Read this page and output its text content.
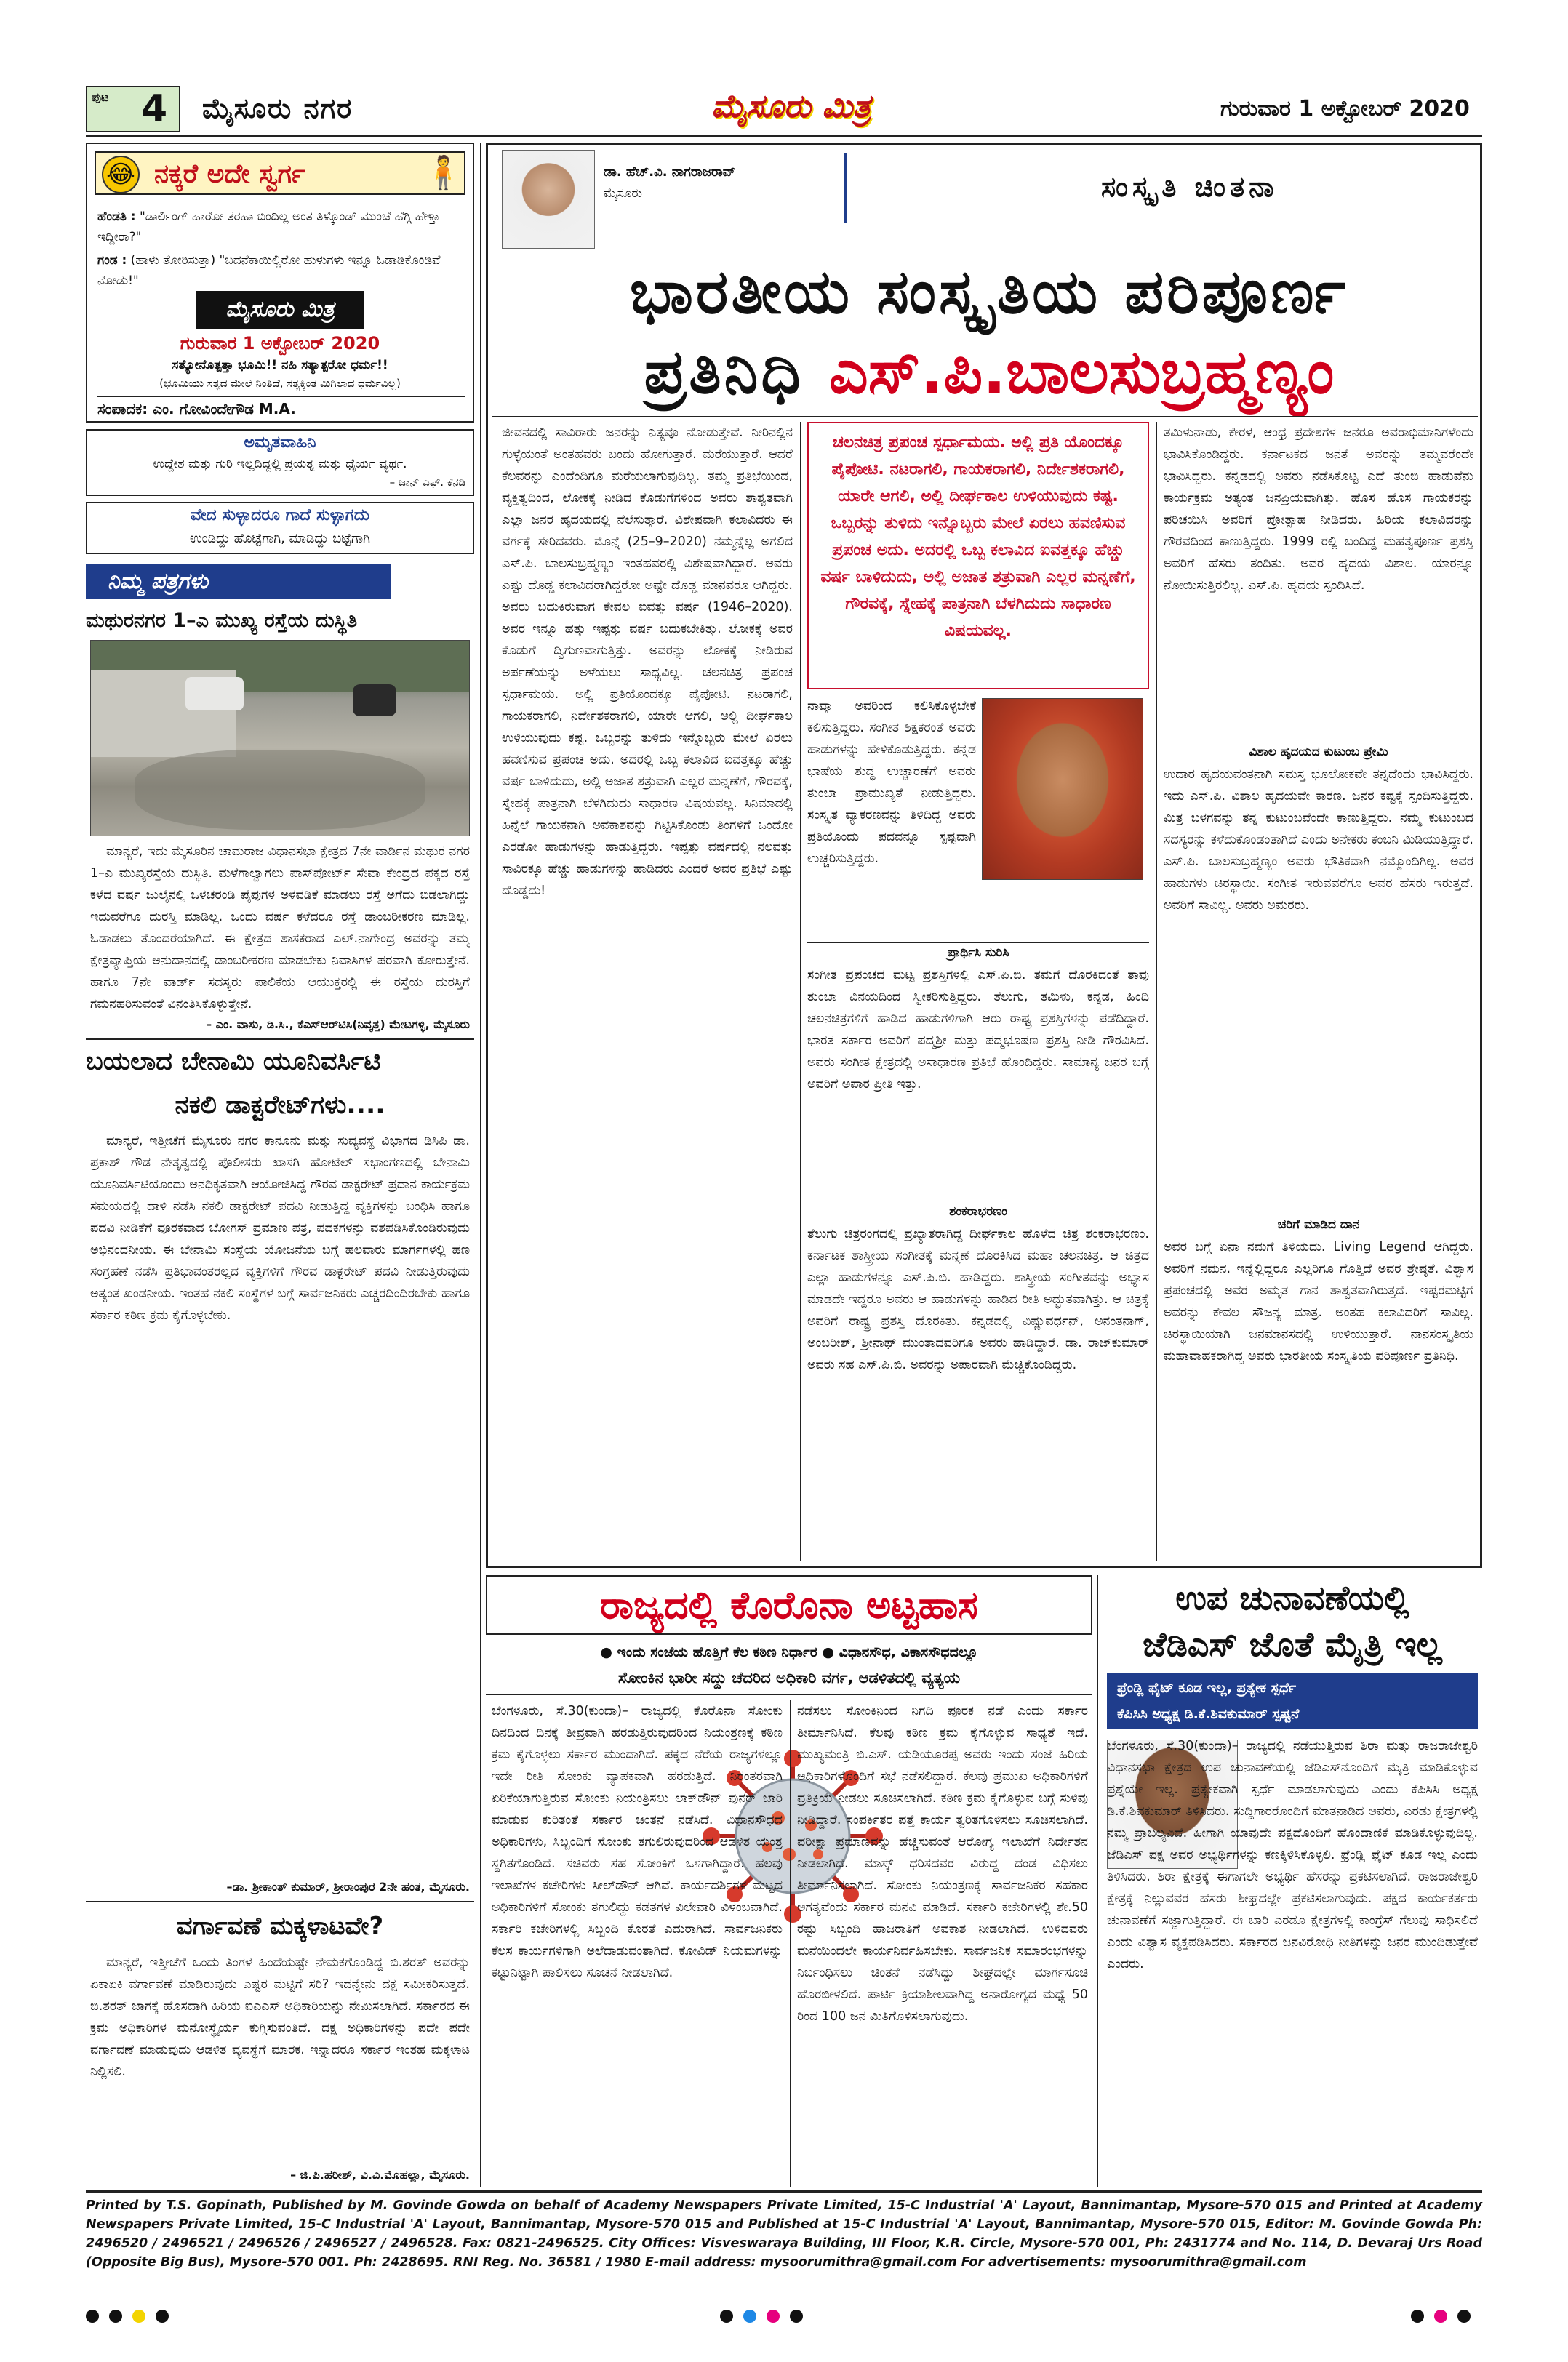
ಪುಟ 4 ಮೈಸೂರು ನಗರ	ಮೈಸೂರು ಮಿತ್ರ	ಗುರುವಾರ 1 ಅಕ್ಟೋಬರ್ 2020
😂 ನಕ್ಕರೆ ಅದೇ ಸ್ವರ್ಗ	🧍
ಹೆಂಡತಿ : "ಡಾರ್ಲಿಂಗ್ ಹಾರೋ ತರಹಾ ಬಿಂದಿಲ್ಲ ಅಂತ ತಿಳ್ಕೊಂಡ್ ಮುಂಚೆ ಹೆಗ್ಗಿ ಹೇಳ್ತಾ ಇದ್ದೀರಾ?"
ಗಂಡ : (ಹಾಳು ತೋರಿಸುತ್ತಾ) "ಬದನೆಕಾಯಿಲ್ಲಿರೋ ಹುಳುಗಳು ಇನ್ನೂ ಓಡಾಡಿಕೊಂಡಿವೆ ನೋಡು!"
ಮೈಸೂರು ಮಿತ್ರ
ಗುರುವಾರ 1 ಅಕ್ಟೋಬರ್ 2020
ಸತ್ಯೋನೊತ್ಪತ್ತಾ ಭೂಮಿ!! ನಹಿ ಸತ್ಯಾತ್ಪರೋ ಧರ್ಮ!!
(ಭೂಮಿಯು ಸತ್ಯದ ಮೇಲೆ ನಿಂತಿದೆ, ಸತ್ಯಕ್ಕಿಂತ ಮಿಗಿಲಾದ ಧರ್ಮವಿಲ್ಲ)
ಸಂಪಾದಕ: ಎಂ. ಗೋವಿಂದೇಗೌಡ M.A.
ಅಮೃತವಾಹಿನಿ
ಉದ್ದೇಶ ಮತ್ತು ಗುರಿ ಇಲ್ಲದಿದ್ದಲ್ಲಿ ಪ್ರಯತ್ನ ಮತ್ತು ಧೈರ್ಯ ವ್ಯರ್ಥ.
– ಜಾನ್ ಎಫ್. ಕೆನಡಿ
ವೇದ ಸುಳ್ಳಾದರೂ ಗಾದೆ ಸುಳ್ಳಾಗದು
ಉಂಡಿದ್ದು ಹೊಟ್ಟೆಗಾಗಿ, ಮಾಡಿದ್ದು ಬಟ್ಟೆಗಾಗಿ
ನಿಮ್ಮ ಪತ್ರಗಳು
ಮಥುರನಗರ 1–ಎ ಮುಖ್ಯ ರಸ್ತೆಯ ದುಸ್ಥಿತಿ
ಮಾನ್ಯರೆ, ಇದು ಮೈಸೂರಿನ ಚಾಮರಾಜ ವಿಧಾನಸಭಾ ಕ್ಷೇತ್ರದ 7ನೇ ವಾರ್ಡಿನ ಮಥುರ ನಗರ 1–ಎ ಮುಖ್ಯರಸ್ತೆಯ ದುಸ್ಥಿತಿ. ಮಳೆಗಾಲ್ವಾಗಲು ಪಾಸ್‌ಪೋರ್ಟ್ ಸೇವಾ ಕೇಂದ್ರದ ಪಕ್ಕದ ರಸ್ತೆ ಕಳೆದ ವರ್ಷ ಜುಲೈನಲ್ಲಿ ಒಳಚರಂಡಿ ಪೈಪುಗಳ ಅಳವಡಿಕೆ ಮಾಡಲು ರಸ್ತೆ ಅಗೆದು ಬಿಡಲಾಗಿದ್ದು ಇದುವರೆಗೂ ದುರಸ್ತಿ ಮಾಡಿಲ್ಲ. ಒಂದು ವರ್ಷ ಕಳೆದರೂ ರಸ್ತೆ ಡಾಂಬರೀಕರಣ ಮಾಡಿಲ್ಲ. ಓಡಾಡಲು ತೊಂದರೆಯಾಗಿದೆ. ಈ ಕ್ಷೇತ್ರದ ಶಾಸಕರಾದ ಎಲ್.ನಾಗೇಂದ್ರ ಅವರನ್ನು ತಮ್ಮ ಕ್ಷೇತ್ರವ್ಯಾಪ್ತಿಯ ಅನುದಾನದಲ್ಲಿ ಡಾಂಬರೀಕರಣ ಮಾಡಬೇಕು ನಿವಾಸಿಗಳ ಪರವಾಗಿ ಕೋರುತ್ತೇನೆ. ಹಾಗೂ 7ನೇ ವಾರ್ಡ್ ಸದಸ್ಯರು ಪಾಲಿಕೆಯ ಆಯುಕ್ತರಲ್ಲಿ ಈ ರಸ್ತೆಯ ದುರಸ್ತಿಗೆ ಗಮನಹರಿಸುವಂತೆ ವಿನಂತಿಸಿಕೊಳ್ಳುತ್ತೇನೆ.
– ಎಂ. ವಾಸು, ಡಿ.ಸಿ., ಕೆಎಸ್ಆರ್‌ಟಿಸಿ(ನಿವೃತ್ತ) ಮೇಟಗಳ್ಳಿ, ಮೈಸೂರು
ಬಯಲಾದ ಬೇನಾಮಿ ಯೂನಿವರ್ಸಿಟಿ
ನಕಲಿ ಡಾಕ್ಟರೇಟ್‌ಗಳು....
ಮಾನ್ಯರೆ, ಇತ್ತೀಚೆಗೆ ಮೈಸೂರು ನಗರ ಕಾನೂನು ಮತ್ತು ಸುವ್ಯವಸ್ಥೆ ವಿಭಾಗದ ಡಿಸಿಪಿ ಡಾ. ಪ್ರಕಾಶ್ ಗೌಡ ನೇತೃತ್ವದಲ್ಲಿ ಪೊಲೀಸರು ಖಾಸಗಿ ಹೋಟೆಲ್ ಸಭಾಂಗಣದಲ್ಲಿ ಬೇನಾಮಿ ಯೂನಿವರ್ಸಿಟಿಯೊಂದು ಅನಧಿಕೃತವಾಗಿ ಆಯೋಜಿಸಿದ್ದ ಗೌರವ ಡಾಕ್ಟರೇಟ್ ಪ್ರದಾನ ಕಾರ್ಯಕ್ರಮ ಸಮಯದಲ್ಲಿ ದಾಳಿ ನಡೆಸಿ ನಕಲಿ ಡಾಕ್ಟರೇಟ್ ಪದವಿ ನೀಡುತ್ತಿದ್ದ ವ್ಯಕ್ತಿಗಳನ್ನು ಬಂಧಿಸಿ ಹಾಗೂ ಪದವಿ ನೀಡಿಕೆಗೆ ಪೂರಕವಾದ ಬೋಗಸ್ ಪ್ರಮಾಣ ಪತ್ರ, ಪದಕಗಳನ್ನು ವಶಪಡಿಸಿಕೊಂಡಿರುವುದು ಅಭಿನಂದನೀಯ. ಈ ಬೇನಾಮಿ ಸಂಸ್ಥೆಯ ಯೋಜನೆಯ ಬಗ್ಗೆ ಹಲವಾರು ಮಾರ್ಗಗಳಲ್ಲಿ ಹಣ ಸಂಗ್ರಹಣೆ ನಡೆಸಿ ಪ್ರತಿಭಾವಂತರಲ್ಲದ ವ್ಯಕ್ತಿಗಳಿಗೆ ಗೌರವ ಡಾಕ್ಟರೇಟ್ ಪದವಿ ನೀಡುತ್ತಿರುವುದು ಅತ್ಯಂತ ಖಂಡನೀಯ. ಇಂತಹ ನಕಲಿ ಸಂಸ್ಥೆಗಳ ಬಗ್ಗೆ ಸಾರ್ವಜನಿಕರು ಎಚ್ಚರದಿಂದಿರಬೇಕು ಹಾಗೂ ಸರ್ಕಾರ ಕಠಿಣ ಕ್ರಮ ಕೈಗೊಳ್ಳಬೇಕು.
–ಡಾ. ಶ್ರೀಕಾಂತ್ ಕುಮಾರ್, ಶ್ರೀರಾಂಪುರ 2ನೇ ಹಂತ, ಮೈಸೂರು.
ವರ್ಗಾವಣೆ ಮಕ್ಕಳಾಟವೇ?
ಮಾನ್ಯರೆ, ಇತ್ತೀಚೆಗೆ ಒಂದು ತಿಂಗಳ ಹಿಂದೆಯಷ್ಟೇ ನೇಮಕಗೊಂಡಿದ್ದ ಬಿ.ಶರತ್ ಅವರನ್ನು ಏಕಾಏಕಿ ವರ್ಗಾವಣೆ ಮಾಡಿರುವುದು ಎಷ್ಟರ ಮಟ್ಟಿಗೆ ಸರಿ? ಇದನ್ನೇನು ದಕ್ಷ ಸಮೀಕರಿಸುತ್ತದೆ. ಬಿ.ಶರತ್ ಜಾಗಕ್ಕೆ ಹೊಸದಾಗಿ ಹಿರಿಯ ಐಎಎಸ್ ಅಧಿಕಾರಿಯನ್ನು ನೇಮಿಸಲಾಗಿದೆ. ಸರ್ಕಾರದ ಈ ಕ್ರಮ ಅಧಿಕಾರಿಗಳ ಮನೋಸ್ಥೈರ್ಯ ಕುಗ್ಗಿಸುವಂತಿದೆ. ದಕ್ಷ ಅಧಿಕಾರಿಗಳನ್ನು ಪದೇ ಪದೇ ವರ್ಗಾವಣೆ ಮಾಡುವುದು ಆಡಳಿತ ವ್ಯವಸ್ಥೆಗೆ ಮಾರಕ. ಇನ್ನಾದರೂ ಸರ್ಕಾರ ಇಂತಹ ಮಕ್ಕಳಾಟ ನಿಲ್ಲಿಸಲಿ.
– ಜಿ.ಪಿ.ಹರೀಶ್, ವಿ.ವಿ.ಮೊಹಲ್ಲಾ, ಮೈಸೂರು.
ಡಾ. ಹೆಚ್.ವಿ. ನಾಗರಾಜರಾವ್
ಮೈಸೂರು	ಸಂಸ್ಕೃತಿ ಚಿಂತನಾ
ಭಾರತೀಯ ಸಂಸ್ಕೃತಿಯ ಪರಿಪೂರ್ಣ
ಪ್ರತಿನಿಧಿ ಎಸ್.ಪಿ.ಬಾಲಸುಬ್ರಹ್ಮಣ್ಯಂ
ಜೀವನದಲ್ಲಿ ಸಾವಿರಾರು ಜನರನ್ನು ನಿತ್ಯವೂ ನೋಡುತ್ತೇವೆ. ನೀರಿನಲ್ಲಿನ ಗುಳ್ಳೆಯಂತೆ ಅಂತಹವರು ಬಂದು ಹೋಗುತ್ತಾರೆ. ಮರೆಯುತ್ತಾರೆ. ಆದರೆ ಕೆಲವರನ್ನು ಎಂದೆಂದಿಗೂ ಮರೆಯಲಾಗುವುದಿಲ್ಲ. ತಮ್ಮ ಪ್ರತಿಭೆಯಿಂದ, ವ್ಯಕ್ತಿತ್ವದಿಂದ, ಲೋಕಕ್ಕೆ ನೀಡಿದ ಕೊಡುಗೆಗಳಿಂದ ಅವರು ಶಾಶ್ವತವಾಗಿ ಎಲ್ಲಾ ಜನರ ಹೃದಯದಲ್ಲಿ ನೆಲೆಸುತ್ತಾರೆ. ವಿಶೇಷವಾಗಿ ಕಲಾವಿದರು ಈ ವರ್ಗಕ್ಕೆ ಸೇರಿದವರು. ಮೊನ್ನೆ (25–9–2020) ನಮ್ಮನ್ನೆಲ್ಲ ಅಗಲಿದ ಎಸ್.ಪಿ. ಬಾಲಸುಬ್ರಹ್ಮಣ್ಯಂ ಇಂತಹವರಲ್ಲಿ ವಿಶೇಷವಾಗಿದ್ದಾರೆ. ಅವರು ಎಷ್ಟು ದೊಡ್ಡ ಕಲಾವಿದರಾಗಿದ್ದರೋ ಅಷ್ಟೇ ದೊಡ್ಡ ಮಾನವರೂ ಆಗಿದ್ದರು. ಅವರು ಬದುಕಿರುವಾಗ ಕೇವಲ ಐವತ್ತು ವರ್ಷ (1946–2020). ಅವರ ಇನ್ನೂ ಹತ್ತು ಇಪ್ಪತ್ತು ವರ್ಷ ಬದುಕಬೇಕಿತ್ತು. ಲೋಕಕ್ಕೆ ಅವರ ಕೊಡುಗೆ ದ್ವಿಗುಣವಾಗುತ್ತಿತ್ತು. ಅವರನ್ನು ಲೋಕಕ್ಕೆ ನೀಡಿರುವ ಅರ್ಪಣೆಯನ್ನು ಅಳೆಯಲು ಸಾಧ್ಯವಿಲ್ಲ. ಚಲನಚಿತ್ರ ಪ್ರಪಂಚ ಸ್ಪರ್ಧಾಮಯ. ಅಲ್ಲಿ ಪ್ರತಿಯೊಂದಕ್ಕೂ ಪೈಪೋಟಿ. ನಟರಾಗಲಿ, ಗಾಯಕರಾಗಲಿ, ನಿರ್ದೇಶಕರಾಗಲಿ, ಯಾರೇ ಆಗಲಿ, ಅಲ್ಲಿ ದೀರ್ಘಕಾಲ ಉಳಿಯುವುದು ಕಷ್ಟ. ಒಬ್ಬರನ್ನು ತುಳಿದು ಇನ್ನೊಬ್ಬರು ಮೇಲೆ ಏರಲು ಹವಣಿಸುವ ಪ್ರಪಂಚ ಅದು. ಅದರಲ್ಲಿ ಒಬ್ಬ ಕಲಾವಿದ ಐವತ್ತಕ್ಕೂ ಹೆಚ್ಚು ವರ್ಷ ಬಾಳಿದುದು, ಅಲ್ಲಿ ಅಜಾತ ಶತ್ರುವಾಗಿ ಎಲ್ಲರ ಮನ್ನಣೆಗೆ, ಗೌರವಕ್ಕೆ, ಸ್ನೇಹಕ್ಕೆ ಪಾತ್ರನಾಗಿ ಬೆಳಗಿದುದು ಸಾಧಾರಣ ವಿಷಯವಲ್ಲ. ಸಿನಿಮಾದಲ್ಲಿ ಹಿನ್ನೆಲೆ ಗಾಯಕನಾಗಿ ಅವಕಾಶವನ್ನು ಗಿಟ್ಟಿಸಿಕೊಂಡು ತಿಂಗಳಿಗೆ ಒಂದೋ ಎರಡೋ ಹಾಡುಗಳನ್ನು ಹಾಡುತ್ತಿದ್ದರು. ಇಪ್ಪತ್ತು ವರ್ಷದಲ್ಲಿ ನಲವತ್ತು ಸಾವಿರಕ್ಕೂ ಹೆಚ್ಚು ಹಾಡುಗಳನ್ನು ಹಾಡಿದರು ಎಂದರೆ ಅವರ ಪ್ರತಿಭೆ ಎಷ್ಟು ದೊಡ್ಡದು!
ಚಲನಚಿತ್ರ ಪ್ರಪಂಚ ಸ್ಪರ್ಧಾಮಯ. ಅಲ್ಲಿ ಪ್ರತಿ ಯೊಂದಕ್ಕೂ ಪೈಪೋಟಿ. ನಟರಾಗಲಿ, ಗಾಯಕರಾಗಲಿ, ನಿರ್ದೇಶಕರಾಗಲಿ, ಯಾರೇ ಆಗಲಿ, ಅಲ್ಲಿ ದೀರ್ಘಕಾಲ ಉಳಿಯುವುದು ಕಷ್ಟ. ಒಬ್ಬರನ್ನು ತುಳಿದು ಇನ್ನೊಬ್ಬರು ಮೇಲೆ ಏರಲು ಹವಣಿಸುವ ಪ್ರಪಂಚ ಅದು. ಅದರಲ್ಲಿ ಒಬ್ಬ ಕಲಾವಿದ ಐವತ್ತಕ್ಕೂ ಹೆಚ್ಚು ವರ್ಷ ಬಾಳಿದುದು, ಅಲ್ಲಿ ಅಜಾತ ಶತ್ರುವಾಗಿ ಎಲ್ಲರ ಮನ್ನಣೆಗೆ, ಗೌರವಕ್ಕೆ, ಸ್ನೇಹಕ್ಕೆ ಪಾತ್ರನಾಗಿ ಬೆಳಗಿದುದು ಸಾಧಾರಣ ವಿಷಯವಲ್ಲ.
ನಾವ್ತಾ ಅವರಿಂದ ಕಲಿಸಿಕೊಳ್ಳಬೇಕೆ ಕಲಿಸುತ್ತಿದ್ದರು. ಸಂಗೀತ ಶಿಕ್ಷಕರಂತೆ ಅವರು ಹಾಡುಗಳನ್ನು ಹೇಳಿಕೊಡುತ್ತಿದ್ದರು. ಕನ್ನಡ ಭಾಷೆಯ ಶುದ್ಧ ಉಚ್ಚಾರಣೆಗೆ ಅವರು ತುಂಬಾ ಪ್ರಾಮುಖ್ಯತೆ ನೀಡುತ್ತಿದ್ದರು. ಸಂಸ್ಕೃತ ವ್ಯಾಕರಣವನ್ನು ತಿಳಿದಿದ್ದ ಅವರು ಪ್ರತಿಯೊಂದು ಪದವನ್ನೂ ಸ್ಪಷ್ಟವಾಗಿ ಉಚ್ಚರಿಸುತ್ತಿದ್ದರು.
ಪ್ರಾರ್ಥಿಸಿ ಸುರಿಸಿ
ಸಂಗೀತ ಪ್ರಪಂಚದ ಮಟ್ಟ ಪ್ರಶಸ್ತಿಗಳಲ್ಲಿ ಎಸ್.ಪಿ.ಬಿ. ತಮಗೆ ದೊರಕಿದಂತೆ ತಾವು ತುಂಬಾ ವಿನಯದಿಂದ ಸ್ವೀಕರಿಸುತ್ತಿದ್ದರು. ತೆಲುಗು, ತಮಿಳು, ಕನ್ನಡ, ಹಿಂದಿ ಚಲನಚಿತ್ರಗಳಿಗೆ ಹಾಡಿದ ಹಾಡುಗಳಿಗಾಗಿ ಆರು ರಾಷ್ಟ್ರ ಪ್ರಶಸ್ತಿಗಳನ್ನು ಪಡೆದಿದ್ದಾರೆ. ಭಾರತ ಸರ್ಕಾರ ಅವರಿಗೆ ಪದ್ಮಶ್ರೀ ಮತ್ತು ಪದ್ಮಭೂಷಣ ಪ್ರಶಸ್ತಿ ನೀಡಿ ಗೌರವಿಸಿದೆ. ಅವರು ಸಂಗೀತ ಕ್ಷೇತ್ರದಲ್ಲಿ ಅಸಾಧಾರಣ ಪ್ರತಿಭೆ ಹೊಂದಿದ್ದರು. ಸಾಮಾನ್ಯ ಜನರ ಬಗ್ಗೆ ಅವರಿಗೆ ಅಪಾರ ಪ್ರೀತಿ ಇತ್ತು.
ಶಂಕರಾಭರಣಂ
ತೆಲುಗು ಚಿತ್ರರಂಗದಲ್ಲಿ ಪ್ರಖ್ಯಾತರಾಗಿದ್ದ ದೀರ್ಘಕಾಲ ಹೊಳೆದ ಚಿತ್ರ ಶಂಕರಾಭರಣಂ. ಕರ್ನಾಟಕ ಶಾಸ್ತ್ರೀಯ ಸಂಗೀತಕ್ಕೆ ಮನ್ನಣೆ ದೊರಕಿಸಿದ ಮಹಾ ಚಲನಚಿತ್ರ. ಆ ಚಿತ್ರದ ಎಲ್ಲಾ ಹಾಡುಗಳನ್ನೂ ಎಸ್.ಪಿ.ಬಿ. ಹಾಡಿದ್ದರು. ಶಾಸ್ತ್ರೀಯ ಸಂಗೀತವನ್ನು ಅಭ್ಯಾಸ ಮಾಡದೇ ಇದ್ದರೂ ಅವರು ಆ ಹಾಡುಗಳನ್ನು ಹಾಡಿದ ರೀತಿ ಅದ್ಭುತವಾಗಿತ್ತು. ಆ ಚಿತ್ರಕ್ಕೆ ಅವರಿಗೆ ರಾಷ್ಟ್ರ ಪ್ರಶಸ್ತಿ ದೊರಕಿತು. ಕನ್ನಡದಲ್ಲಿ ವಿಷ್ಣುವರ್ಧನ್, ಅನಂತನಾಗ್, ಅಂಬರೀಶ್, ಶ್ರೀನಾಥ್ ಮುಂತಾದವರಿಗೂ ಅವರು ಹಾಡಿದ್ದಾರೆ. ಡಾ. ರಾಜ್‌ಕುಮಾರ್ ಅವರು ಸಹ ಎಸ್.ಪಿ.ಬಿ. ಅವರನ್ನು ಅಪಾರವಾಗಿ ಮೆಚ್ಚಿಕೊಂಡಿದ್ದರು.
ತಮಿಳುನಾಡು, ಕೇರಳ, ಆಂಧ್ರ ಪ್ರದೇಶಗಳ ಜನರೂ ಅವರಾಭಿಮಾನಿಗಳೆಂದು ಭಾವಿಸಿಕೊಂಡಿದ್ದರು. ಕರ್ನಾಟಕದ ಜನತೆ ಅವರನ್ನು ತಮ್ಮವರೆಂದೇ ಭಾವಿಸಿದ್ದರು. ಕನ್ನಡದಲ್ಲಿ ಅವರು ನಡೆಸಿಕೊಟ್ಟ ಎದೆ ತುಂಬಿ ಹಾಡುವೆನು ಕಾರ್ಯಕ್ರಮ ಅತ್ಯಂತ ಜನಪ್ರಿಯವಾಗಿತ್ತು. ಹೊಸ ಹೊಸ ಗಾಯಕರನ್ನು ಪರಿಚಯಿಸಿ ಅವರಿಗೆ ಪ್ರೋತ್ಸಾಹ ನೀಡಿದರು. ಹಿರಿಯ ಕಲಾವಿದರನ್ನು ಗೌರವದಿಂದ ಕಾಣುತ್ತಿದ್ದರು. 1999 ರಲ್ಲಿ ಬಂದಿದ್ದ ಮಹತ್ವಪೂರ್ಣ ಪ್ರಶಸ್ತಿ ಅವರಿಗೆ ಹೆಸರು ತಂದಿತು. ಅವರ ಹೃದಯ ವಿಶಾಲ. ಯಾರನ್ನೂ ನೋಯಿಸುತ್ತಿರಲಿಲ್ಲ. ಎಸ್.ಪಿ. ಹೃದಯ ಸ್ಪಂದಿಸಿದೆ.
ವಿಶಾಲ ಹೃದಯದ ಕುಟುಂಬ ಪ್ರೇಮಿ
ಉದಾರ ಹೃದಯವಂತನಾಗಿ ಸಮಸ್ತ ಭೂಲೋಕವೇ ತನ್ನದೆಂದು ಭಾವಿಸಿದ್ದರು. ಇದು ಎಸ್.ಪಿ. ವಿಶಾಲ ಹೃದಯವೇ ಕಾರಣ. ಜನರ ಕಷ್ಟಕ್ಕೆ ಸ್ಪಂದಿಸುತ್ತಿದ್ದರು. ಮಿತ್ರ ಬಳಗವನ್ನು ತನ್ನ ಕುಟುಂಬವೆಂದೇ ಕಾಣುತ್ತಿದ್ದರು. ನಮ್ಮ ಕುಟುಂಬದ ಸದಸ್ಯರನ್ನು ಕಳೆದುಕೊಂಡಂತಾಗಿದೆ ಎಂದು ಅನೇಕರು ಕಂಬನಿ ಮಿಡಿಯುತ್ತಿದ್ದಾರೆ. ಎಸ್.ಪಿ. ಬಾಲಸುಬ್ರಹ್ಮಣ್ಯಂ ಅವರು ಭೌತಿಕವಾಗಿ ನಮ್ಮೊಂದಿಗಿಲ್ಲ. ಅವರ ಹಾಡುಗಳು ಚಿರಸ್ಥಾಯಿ. ಸಂಗೀತ ಇರುವವರೆಗೂ ಅವರ ಹೆಸರು ಇರುತ್ತದೆ. ಅವರಿಗೆ ಸಾವಿಲ್ಲ. ಅವರು ಅಮರರು.
ಚರಿಗೆ ಮಾಡಿದ ದಾನ
ಅವರ ಬಗ್ಗೆ ಏನಾ ನಮಗೆ ತಿಳಿಯದು. Living Legend ಆಗಿದ್ದರು. ಅವರಿಗೆ ನಮನ. ಇನ್ನೆಲ್ಲಿದ್ದರೂ ಎಲ್ಲರಿಗೂ ಗೊತ್ತಿದೆ ಅವರ ಶ್ರೇಷ್ಠತೆ. ವಿಶ್ವಾಸ ಪ್ರಪಂಚದಲ್ಲಿ ಅವರ ಅಮೃತ ಗಾನ ಶಾಶ್ವತವಾಗಿರುತ್ತದೆ. ಇಷ್ಟರಮಟ್ಟಿಗೆ ಅವರನ್ನು ಕೇವಲ ಸೌಜನ್ಯ ಮಾತ್ರ. ಅಂತಹ ಕಲಾವಿದರಿಗೆ ಸಾವಿಲ್ಲ. ಚಿರಸ್ಥಾಯಿಯಾಗಿ ಜನಮಾನಸದಲ್ಲಿ ಉಳಿಯುತ್ತಾರೆ. ನಾನಸಂಸ್ಕೃತಿಯ ಮಹಾವಾಹಕರಾಗಿದ್ದ ಅವರು ಭಾರತೀಯ ಸಂಸ್ಕೃತಿಯ ಪರಿಪೂರ್ಣ ಪ್ರತಿನಿಧಿ.
ರಾಜ್ಯದಲ್ಲಿ ಕೊರೊನಾ ಅಟ್ಟಹಾಸ
● ಇಂದು ಸಂಜೆಯ ಹೊತ್ತಿಗೆ ಕೆಲ ಕಠಿಣ ನಿರ್ಧಾರ ● ವಿಧಾನಸೌಧ, ವಿಕಾಸಸೌಧದಲ್ಲೂ
ಸೋಂಕಿನ ಭಾರೀ ಸದ್ದು ಚೆದರಿದ ಅಧಿಕಾರಿ ವರ್ಗ, ಆಡಳಿತದಲ್ಲಿ ವ್ಯತ್ಯಯ
ಬೆಂಗಳೂರು, ಸೆ.30(ಕುಂದಾ)– ರಾಜ್ಯದಲ್ಲಿ ಕೊರೊನಾ ಸೋಂಕು ದಿನದಿಂದ ದಿನಕ್ಕೆ ತೀವ್ರವಾಗಿ ಹರಡುತ್ತಿರುವುದರಿಂದ ನಿಯಂತ್ರಣಕ್ಕೆ ಕಠಿಣ ಕ್ರಮ ಕೈಗೊಳ್ಳಲು ಸರ್ಕಾರ ಮುಂದಾಗಿದೆ. ಪಕ್ಕದ ನೆರೆಯ ರಾಜ್ಯಗಳಲ್ಲೂ ಇದೇ ರೀತಿ ಸೋಂಕು ವ್ಯಾಪಕವಾಗಿ ಹರಡುತ್ತಿದೆ. ನಿರಂತರವಾಗಿ ಏರಿಕೆಯಾಗುತ್ತಿರುವ ಸೋಂಕು ನಿಯಂತ್ರಿಸಲು ಲಾಕ್‌ಡೌನ್ ಪುನರ್ ಜಾರಿ ಮಾಡುವ ಕುರಿತಂತೆ ಸರ್ಕಾರ ಚಿಂತನೆ ನಡೆಸಿದೆ. ವಿಧಾನಸೌಧದ ಅಧಿಕಾರಿಗಳು, ಸಿಬ್ಬಂದಿಗೆ ಸೋಂಕು ತಗುಲಿರುವುದರಿಂದ ಆಡಳಿತ ಯಂತ್ರ ಸ್ಥಗಿತಗೊಂಡಿದೆ. ಸಚಿವರು ಸಹ ಸೋಂಕಿಗೆ ಒಳಗಾಗಿದ್ದಾರೆ. ಹಲವು ಇಲಾಖೆಗಳ ಕಚೇರಿಗಳು ಸೀಲ್‌ಡೌನ್ ಆಗಿವೆ. ಕಾರ್ಯದರ್ಶಿಗಳ ಮಟ್ಟದ ಅಧಿಕಾರಿಗಳಿಗೆ ಸೋಂಕು ತಗುಲಿದ್ದು ಕಡತಗಳ ವಿಲೇವಾರಿ ವಿಳಂಬವಾಗಿದೆ. ಸರ್ಕಾರಿ ಕಚೇರಿಗಳಲ್ಲಿ ಸಿಬ್ಬಂದಿ ಕೊರತೆ ಎದುರಾಗಿದೆ. ಸಾರ್ವಜನಿಕರು ಕೆಲಸ ಕಾರ್ಯಗಳಿಗಾಗಿ ಅಲೆದಾಡುವಂತಾಗಿದೆ. ಕೋವಿಡ್ ನಿಯಮಗಳನ್ನು ಕಟ್ಟುನಿಟ್ಟಾಗಿ ಪಾಲಿಸಲು ಸೂಚನೆ ನೀಡಲಾಗಿದೆ.
ನಡೆಸಲು ಸೋಂಕಿನಿಂದ ನಿಗದಿ ಪೂರಕ ನಡೆ ಎಂದು ಸರ್ಕಾರ ತೀರ್ಮಾನಿಸಿದೆ. ಕೆಲವು ಕಠಿಣ ಕ್ರಮ ಕೈಗೊಳ್ಳುವ ಸಾಧ್ಯತೆ ಇದೆ. ಮುಖ್ಯಮಂತ್ರಿ ಬಿ.ಎಸ್. ಯಡಿಯೂರಪ್ಪ ಅವರು ಇಂದು ಸಂಜೆ ಹಿರಿಯ ಅಧಿಕಾರಿಗಳೊಂದಿಗೆ ಸಭೆ ನಡೆಸಲಿದ್ದಾರೆ. ಕೆಲವು ಪ್ರಮುಖ ಅಧಿಕಾರಿಗಳಿಗೆ ಪ್ರತಿಕ್ರಿಯೆ ನೀಡಲು ಸೂಚಿಸಲಾಗಿದೆ. ಕಠಿಣ ಕ್ರಮ ಕೈಗೊಳ್ಳುವ ಬಗ್ಗೆ ಸುಳಿವು ನೀಡಿದ್ದಾರೆ. ಸಂಪರ್ಕಿತರ ಪತ್ತೆ ಕಾರ್ಯ ತ್ವರಿತಗೊಳಿಸಲು ಸೂಚಿಸಲಾಗಿದೆ. ಪರೀಕ್ಷಾ ಪ್ರಮಾಣವನ್ನು ಹೆಚ್ಚಿಸುವಂತೆ ಆರೋಗ್ಯ ಇಲಾಖೆಗೆ ನಿರ್ದೇಶನ ನೀಡಲಾಗಿದೆ. ಮಾಸ್ಕ್ ಧರಿಸದವರ ವಿರುದ್ಧ ದಂಡ ವಿಧಿಸಲು ತೀರ್ಮಾನಿಸಲಾಗಿದೆ. ಸೋಂಕು ನಿಯಂತ್ರಣಕ್ಕೆ ಸಾರ್ವಜನಿಕರ ಸಹಕಾರ ಅಗತ್ಯವೆಂದು ಸರ್ಕಾರ ಮನವಿ ಮಾಡಿದೆ. ಸರ್ಕಾರಿ ಕಚೇರಿಗಳಲ್ಲಿ ಶೇ.50 ರಷ್ಟು ಸಿಬ್ಬಂದಿ ಹಾಜರಾತಿಗೆ ಅವಕಾಶ ನೀಡಲಾಗಿದೆ. ಉಳಿದವರು ಮನೆಯಿಂದಲೇ ಕಾರ್ಯನಿರ್ವಹಿಸಬೇಕು. ಸಾರ್ವಜನಿಕ ಸಮಾರಂಭಗಳನ್ನು ನಿರ್ಬಂಧಿಸಲು ಚಿಂತನೆ ನಡೆಸಿದ್ದು ಶೀಘ್ರದಲ್ಲೇ ಮಾರ್ಗಸೂಚಿ ಹೊರಬೀಳಲಿದೆ. ಪಾರ್ಟಿ ಕ್ರಿಯಾಶೀಲವಾಗಿದ್ದ ಅನಾರೋಗ್ಯದ ಮಧ್ಯೆ 50 ರಿಂದ 100 ಜನ ಮಿತಿಗೊಳಿಸಲಾಗುವುದು.
ಉಪ ಚುನಾವಣೆಯಲ್ಲಿ
ಜೆಡಿಎಸ್ ಜೊತೆ ಮೈತ್ರಿ ಇಲ್ಲ
ಫ್ರೆಂಡ್ಲಿ ಫೈಟ್ ಕೂಡ ಇಲ್ಲ, ಪ್ರತ್ಯೇಕ ಸ್ಪರ್ಧೆ
ಕೆಪಿಸಿಸಿ ಅಧ್ಯಕ್ಷ ಡಿ.ಕೆ.ಶಿವಕುಮಾರ್ ಸ್ಪಷ್ಟನೆ
ಬೆಂಗಳೂರು, ಸೆ.30(ಕುಂದಾ)– ರಾಜ್ಯದಲ್ಲಿ ನಡೆಯುತ್ತಿರುವ ಶಿರಾ ಮತ್ತು ರಾಜರಾಜೇಶ್ವರಿ ವಿಧಾನಸಭಾ ಕ್ಷೇತ್ರದ ಉಪ ಚುನಾವಣೆಯಲ್ಲಿ ಜೆಡಿಎಸ್‌ನೊಂದಿಗೆ ಮೈತ್ರಿ ಮಾಡಿಕೊಳ್ಳುವ ಪ್ರಶ್ನೆಯೇ ಇಲ್ಲ. ಪ್ರತ್ಯೇಕವಾಗಿ ಸ್ಪರ್ಧೆ ಮಾಡಲಾಗುವುದು ಎಂದು ಕೆಪಿಸಿಸಿ ಅಧ್ಯಕ್ಷ ಡಿ.ಕೆ.ಶಿವಕುಮಾರ್ ತಿಳಿಸಿದರು. ಸುದ್ದಿಗಾರರೊಂದಿಗೆ ಮಾತನಾಡಿದ ಅವರು, ಎರಡು ಕ್ಷೇತ್ರಗಳಲ್ಲಿ ನಮ್ಮ ಪ್ರಾಬಲ್ಯವಿದೆ. ಹೀಗಾಗಿ ಯಾವುದೇ ಪಕ್ಷದೊಂದಿಗೆ ಹೊಂದಾಣಿಕೆ ಮಾಡಿಕೊಳ್ಳುವುದಿಲ್ಲ. ಜೆಡಿಎಸ್ ಪಕ್ಷ ಅವರ ಅಭ್ಯರ್ಥಿಗಳನ್ನು ಕಣಕ್ಕಿಳಿಸಿಕೊಳ್ಳಲಿ. ಫ್ರೆಂಡ್ಲಿ ಫೈಟ್ ಕೂಡ ಇಲ್ಲ ಎಂದು ತಿಳಿಸಿದರು. ಶಿರಾ ಕ್ಷೇತ್ರಕ್ಕೆ ಈಗಾಗಲೇ ಅಭ್ಯರ್ಥಿ ಹೆಸರನ್ನು ಪ್ರಕಟಿಸಲಾಗಿದೆ. ರಾಜರಾಜೇಶ್ವರಿ ಕ್ಷೇತ್ರಕ್ಕೆ ನಿಲ್ಲುವವರ ಹೆಸರು ಶೀಘ್ರದಲ್ಲೇ ಪ್ರಕಟಿಸಲಾಗುವುದು. ಪಕ್ಷದ ಕಾರ್ಯಕರ್ತರು ಚುನಾವಣೆಗೆ ಸಜ್ಜಾಗುತ್ತಿದ್ದಾರೆ. ಈ ಬಾರಿ ಎರಡೂ ಕ್ಷೇತ್ರಗಳಲ್ಲಿ ಕಾಂಗ್ರೆಸ್ ಗೆಲುವು ಸಾಧಿಸಲಿದೆ ಎಂದು ವಿಶ್ವಾಸ ವ್ಯಕ್ತಪಡಿಸಿದರು. ಸರ್ಕಾರದ ಜನವಿರೋಧಿ ನೀತಿಗಳನ್ನು ಜನರ ಮುಂದಿಡುತ್ತೇವೆ ಎಂದರು.
Printed by T.S. Gopinath, Published by M. Govinde Gowda on behalf of Academy Newspapers Private Limited, 15-C Industrial 'A' Layout, Bannimantap, Mysore-570 015 and Printed at Academy Newspapers Private Limited, 15-C Industrial 'A' Layout, Bannimantap, Mysore-570 015 and Published at 15-C Industrial 'A' Layout, Bannimantap, Mysore-570 015, Editor: M. Govinde Gowda Ph: 2496520 / 2496521 / 2496526 / 2496527 / 2496528. Fax: 0821-2496525. City Offices: Visveswaraya Building, III Floor, K.R. Circle, Mysore-570 001, Ph: 2431774 and No. 114, D. Devaraj Urs Road (Opposite Big Bus), Mysore-570 001. Ph: 2428695. RNI Reg. No. 36581 / 1980 E-mail address: mysoorumithra@gmail.com For advertisements: mysoorumithra@gmail.com
